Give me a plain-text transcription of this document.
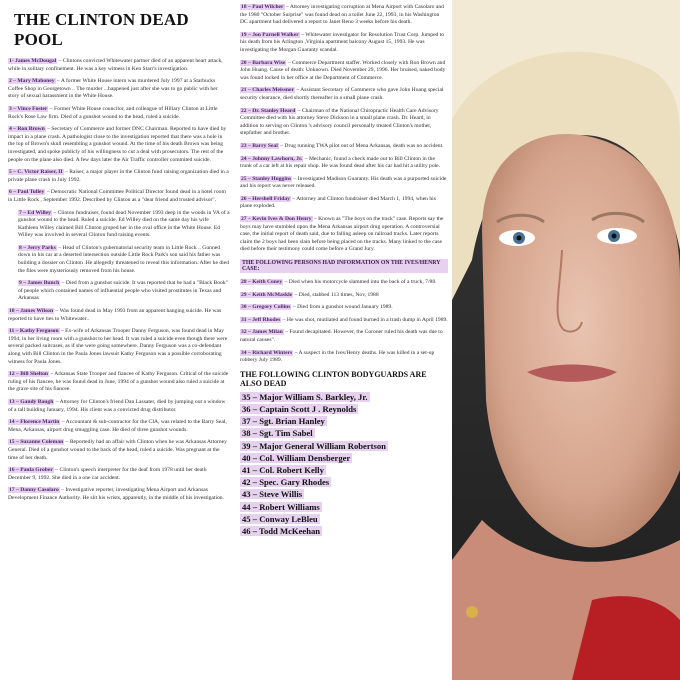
THE CLINTON DEAD POOL
1- James McDougal – Clintons convicted Whitewater partner died of an apparent heart attack, while in solitary confinement. He was a key witness in Ken Starr's investigation.
2 – Mary Mahoney – A former White House intern was murdered July 1997 at a Starbucks Coffee Shop in Georgetown .. The murder ...happened just after she was to go public with her story of sexual harassment in the White House.
3 – Vince Foster – Former White House councilor, and colleague of Hillary Clinton at Little Rock's Rose Law firm. Died of a gunshot wound to the head, ruled a suicide.
4 – Ron Brown – Secretary of Commerce and former DNC Chairman. Reported to have died by impact in a plane crash. A pathologist close to the investigation reported that there was a hole in the top of Brown's skull resembling a gunshot wound. At the time of his death Brown was being investigated, and spoke publicly of his willingness to cut a deal with prosecutors. The rest of the people on the plane also died. A few days later the Air Traffic controller commited suicide.
5 – C. Victor Raiser, II – Raiser, a major player in the Clinton fund raising organization died in a private plane crash in July 1992.
6 – Paul Tulley – Democratic National Committee Political Director found dead in a hotel room in Little Rock , September 1992. Described by Clinton as a "dear friend and trusted advisor".
7 – Ed Willey – Clinton fundraiser, found dead November 1993 deep in the woods in VA of a gunshot wound to the head. Ruled a suicide. Ed Willey died on the same day his wife Kathleen Willey claimed Bill Clinton groped her in the oval office in the White House. Ed Willey was involved in several Clinton fund raising events.
8 – Jerry Parks – Head of Clinton's gubernatorial security team in Little Rock .. Gunned down in his car at a deserted intersection outside Little Rock Park's son said his father was building a dossier on Clinton .He allegedly threatened to reveal this information. After he died the files were mysteriously removed from his house.
9 – James Bunch – Died from a gunshot suicide. It was reported that he had a "Black Book" of people which contained names of influential people who visited prostitutes in Texas and Arkansas
10 – James Wilson – Was found dead in May 1993 from an apparent hanging suicide. He was reported to have ties to Whitewater..
11 – Kathy Ferguson – Ex-wife of Arkansas Trooper Danny Ferguson, was found dead in May 1994, in her living room with a gunshot to her head. It was ruled a suicide even though there were several packed suitcases, as if she were going somewhere. Danny Ferguson was a co-defendant along with Bill Clinton in the Paula Jones lawsuit Kathy Ferguson was a possible corroborating witness for Paula Jones.
12 – Bill Shelton – Arkansas State Trooper and fiancee of Kathy Ferguson. Critical of the suicide ruling of his fiancee, he was found dead in June, 1994 of a gunshot wound also ruled a suicide at the grave site of his fiancee.
13 – Gandy Baugh – Attorney for Clinton's friend Dan Lassater, died by jumping out a window of a tall building January, 1994. His client was a convicted drug distributor.
14 – Florence Martin – Accountant & sub-contractor for the CIA, was related to the Barry Seal, Mena, Arkansas, airport drug smuggling case. He died of three gunshot wounds.
15 – Suzanne Coleman – Reportedly had an affair with Clinton when he was Arkansas Attorney General. Died of a gunshot wound to the back of the head, ruled a suicide. Was pregnant at the time of her death.
16 – Paula Grober – Clinton's speech interpreter for the deaf from 1978 until her death December 9, 1992. She died in a one car accident.
17 – Danny Casolaro – Investigative reporter, investigating Mena Airport and Arkansas Development Finance Authority. He slit his wrists, apparently, in the middle of his investigation.
18 – Paul Wilcher – Attorney investigating corruption at Mena Airport with Casolaro and the 1980 "October Surprise" was found dead on a toilet June 22, 1993, in his Washington DC apartment had delivered a report to Janet Reno 3 weeks before his death.
19 – Jon Parnell Walker – Whitewater investigator for Resolution Trust Corp. Jumped to his death from his Arlington ,Virginia apartment balcony August 15, 1993. He was investigating the Morgan Guaranty scandal.
20 – Barbara Wise – Commerce Department staffer. Worked closely with Ron Brown and John Huang. Cause of death: Unknown. Died November 29, 1996. Her bruised, naked body was found locked in her office at the Department of Commerce.
21 – Charles Meissner – Assistant Secretary of Commerce who gave John Huang special security clearance, died shortly thereafter in a small plane crash.
22 – Dr. Stanley Heard – Chairman of the National Chiropractic Health Care Advisory Committee died with his attorney Steve Dickson in a small plane crash. Dr. Heard, in addition to serving on Clinton 's advisory council personally treated Clinton's mother, stepfather and brother.
23 – Barry Seal – Drug running TWA pilot out of Mena Arkansas, death was no accident.
24 – Johnny Lawhorn, Jr. – Mechanic, found a check made out to Bill Clinton in the trunk of a car left at his repair shop. He was found dead after his car had hit a utility pole.
25 – Stanley Huggins – Investigated Madison Guaranty. His death was a purported suicide and his report was never released.
26 – Hershell Friday – Attorney and Clinton fundraiser died March 1, 1994, when his plane exploded.
27 – Kevin Ives & Don Henry – Known as "The boys on the track" case. Reports say the boys may have stumbled upon the Mena Arkansas airport drug operation. A controversial case, the initial report of death said, due to falling asleep on railroad tracks. Later reports claim the 2 boys had been slain before being placed on the tracks. Many linked to the case died before their testimony could come before a Grand Jury.
THE FOLLOWING PERSONS HAD INFORMATION ON THE IVES/HENRY CASE:
28 – Keith Coney – Died when his motorcycle slammed into the back of a truck, 7/88.
29 – Keith McMaskle – Died, stabbed 113 times, Nov, 1988
30 – Gregory Collins – Died from a gunshot wound January 1989.
31 – Jeff Rhodes – He was shot, mutilated and found burned in a trash dump in April 1989.
32 – James Milan – Found decapitated. However, the Coroner ruled his death was due to natural causes".
34 – Richard Winters – A suspect in the Ives/Henry deaths. He was killed in a set-up robbery July 1989.
THE FOLLOWING CLINTON BODYGUARDS ARE ALSO DEAD
35 – Major William S. Barkley, Jr.
36 – Captain Scott J . Reynolds
37 – Sgt. Brian Hanley
38 – Sgt. Tim Sabel
39 – Major General William Robertson
40 – Col. William Densberger
41 – Col. Robert Kelly
42 – Spec. Gary Rhodes
43 – Steve Willis
44 – Robert Williams
45 – Conway LeBleu
46 – Todd McKeehan
